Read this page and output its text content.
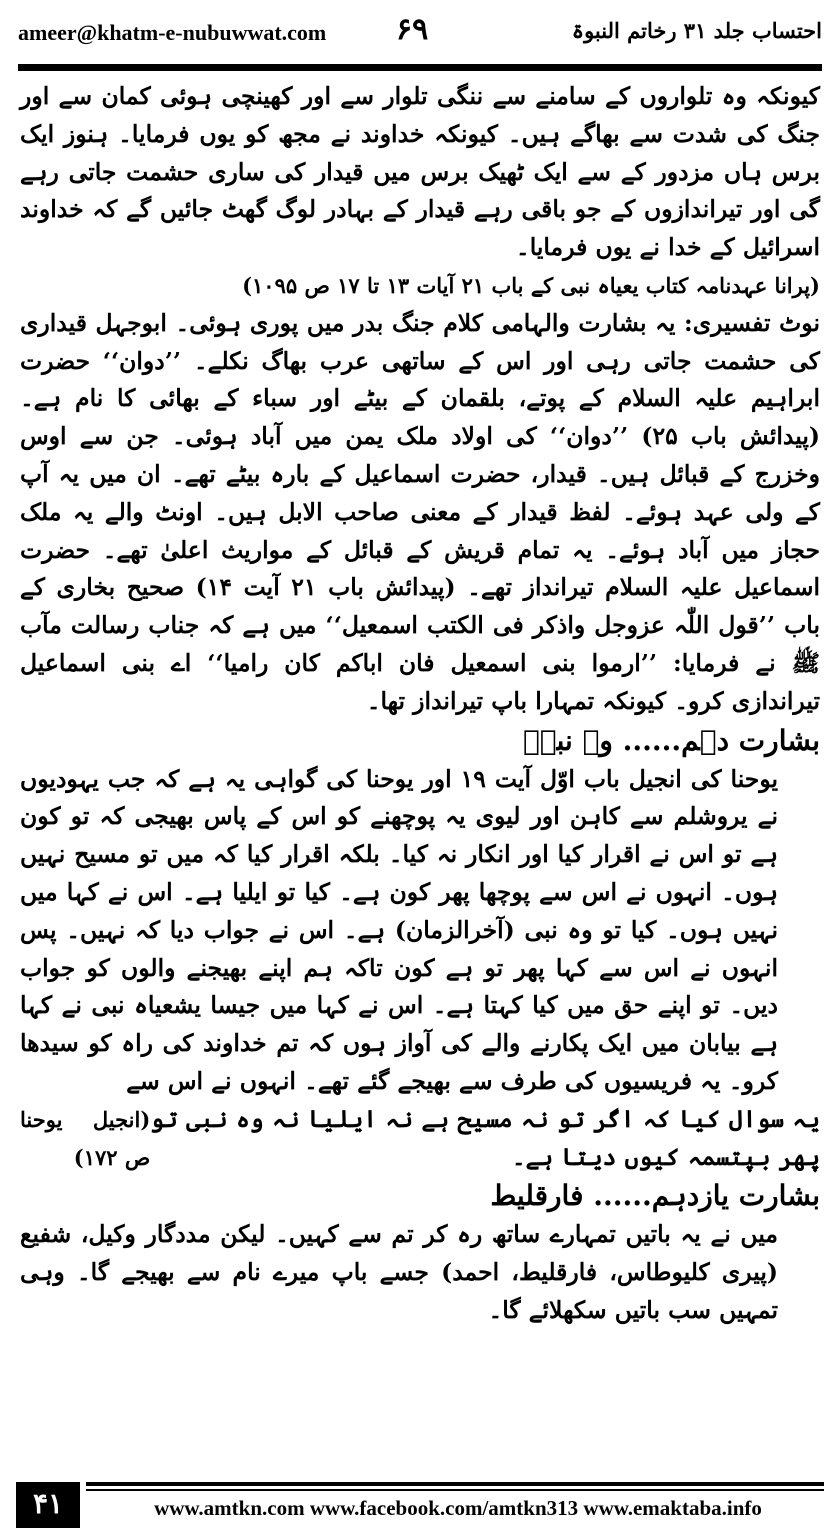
ameer@khatm-e-nubuwwat.com ۶۹	احتساب جلد ۳۱ رخاتم النبوۃ

کیونکہ وہ تلواروں کے سامنے سے ننگی تلوار سے اور کھینچی ہوئی کمان سے اور جنگ کی شدت سے بھاگے ہیں۔ کیونکہ خداوند نے مجھ کو یوں فرمایا۔ ہنوز ایک برس ہاں مزدور کے سے ایک ٹھیک برس میں قیدار کی ساری حشمت جاتی رہے گی اور تیراندازوں کے جو باقی رہے قیدار کے بہادر لوگ گھٹ جائیں گے کہ خداوند اسرائیل کے خدا نے یوں فرمایا۔

(پرانا عہدنامہ کتاب یعیاہ نبی کے باب ۲۱ آیات ۱۳ تا ۱۷ ص ۱۰۹۵)

نوٹ تفسیری: یہ بشارت والہامی کلام جنگ بدر میں پوری ہوئی۔ ابوجہل قیداری کی حشمت جاتی رہی اور اس کے ساتھی عرب بھاگ نکلے۔ ’’دوان‘‘ حضرت ابراہیم علیہ السلام کے پوتے، بلقمان کے بیٹے اور سباء کے بھائی کا نام ہے۔ (پیدائش باب ۲۵) ’’دوان‘‘ کی اولاد ملک یمن میں آباد ہوئی۔ جن سے اوس وخزرج کے قبائل ہیں۔ قیدار، حضرت اسماعیل کے بارہ بیٹے تھے۔ ان میں یہ آپ کے ولی عہد ہوئے۔ لفظ قیدار کے معنی صاحب الابل ہیں۔ اونٹ والے یہ ملک حجاز میں آباد ہوئے۔ یہ تمام قریش کے قبائل کے مواریث اعلیٰ تھے۔ حضرت اسماعیل علیہ السلام تیرانداز تھے۔ (پیدائش باب ۲۱ آیت ۱۴) صحیح بخاری کے باب ’’قول اللّٰہ عزوجل واذکر فی الکتب اسمعیل‘‘ میں ہے کہ جناب رسالت مآب ﷺ نے فرمایا: ’’ارموا بنی اسمعیل فان اباکم کان رامیا‘‘ اے بنی اسماعیل تیراندازی کرو۔ کیونکہ تمہارا باپ تیرانداز تھا۔

بشارت دہم...... وہ نبیؑ

یوحنا کی انجیل باب اوّل آیت ۱۹ اور یوحنا کی گواہی یہ ہے کہ جب یہودیوں نے یروشلم سے کاہن اور لیوی یہ پوچھنے کو اس کے پاس بھیجی کہ تو کون ہے تو اس نے اقرار کیا اور انکار نہ کیا۔ بلکہ اقرار کیا کہ میں تو مسیح نہیں ہوں۔ انہوں نے اس سے پوچھا پھر کون ہے۔ کیا تو ایلیا ہے۔ اس نے کہا میں نہیں ہوں۔ کیا تو وہ نبی (آخرالزمان) ہے۔ اس نے جواب دیا کہ نہیں۔ پس انہوں نے اس سے کہا پھر تو ہے کون تاکہ ہم اپنے بھیجنے والوں کو جواب دیں۔ تو اپنے حق میں کیا کہتا ہے۔ اس نے کہا میں جیسا یشعیاہ نبی نے کہا ہے بیابان میں ایک پکارنے والے کی آواز ہوں کہ تم خداوند کی راہ کو سیدھا کرو۔ یہ فریسیوں کی طرف سے بھیجے گئے تھے۔ انہوں نے اس سے

یہ سوال کیا کہ اگر تو نہ مسیح ہے نہ ایلیا نہ وہ نبی تو پھر بپتسمہ کیوں دیتا ہے۔
(انجیل یوحنا ص ۱۷۲)

بشارت یازدہم...... فارقلیط

میں نے یہ باتیں تمہارے ساتھ رہ کر تم سے کہیں۔ لیکن مددگار وکیل، شفیع (پیری کلیوطاس، فارقلیط، احمد) جسے باپ میرے نام سے بھیجے گا۔ وہی تمہیں سب باتیں سکھلائے گا۔

۴۱	www.amtkn.com www.facebook.com/amtkn313 www.emaktaba.info
